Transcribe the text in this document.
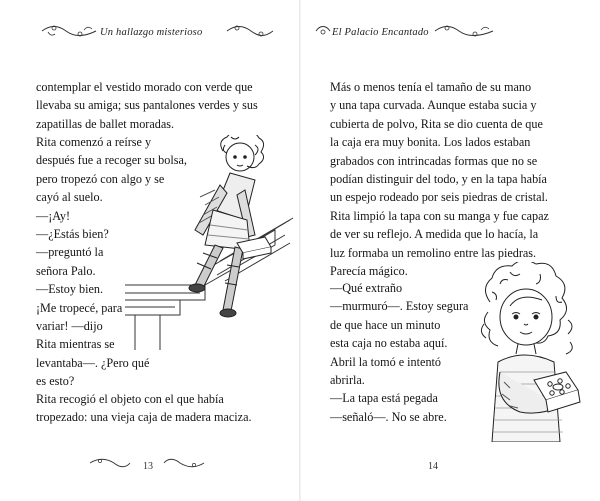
Un hallazgo misterioso
contemplar el vestido morado con verde que
llevaba su amiga; sus pantalones verdes y sus
zapatillas de ballet moradas.
Rita comenzó a reírse y
después fue a recoger su bolsa,
pero tropezó con algo y se
cayó al suelo.
—¡Ay!
—¿Estás bien?
—preguntó la
señora Palo.
—Estoy bien.
¡Me tropecé, para
variar! —dijo
Rita mientras se
levantaba—. ¿Pero qué
es esto?
Rita recogió el objeto con el que había
tropezado: una vieja caja de madera maciza.
13
El Palacio Encantado
Más o menos tenía el tamaño de su mano
y una tapa curvada. Aunque estaba sucia y
cubierta de polvo, Rita se dio cuenta de que
la caja era muy bonita. Los lados estaban
grabados con intrincadas formas que no se
podían distinguir del todo, y en la tapa había
un espejo rodeado por seis piedras de cristal.
Rita limpió la tapa con su manga y fue capaz
de ver su reflejo. A medida que lo hacía, la
luz formaba un remolino entre las piedras.
Parecía mágico.
—Qué extraño
—murmuró—. Estoy segura
de que hace un minuto
esta caja no estaba aquí.
Abril la tomó e intentó
abrirla.
—La tapa está pegada
—señaló—. No se abre.
14
